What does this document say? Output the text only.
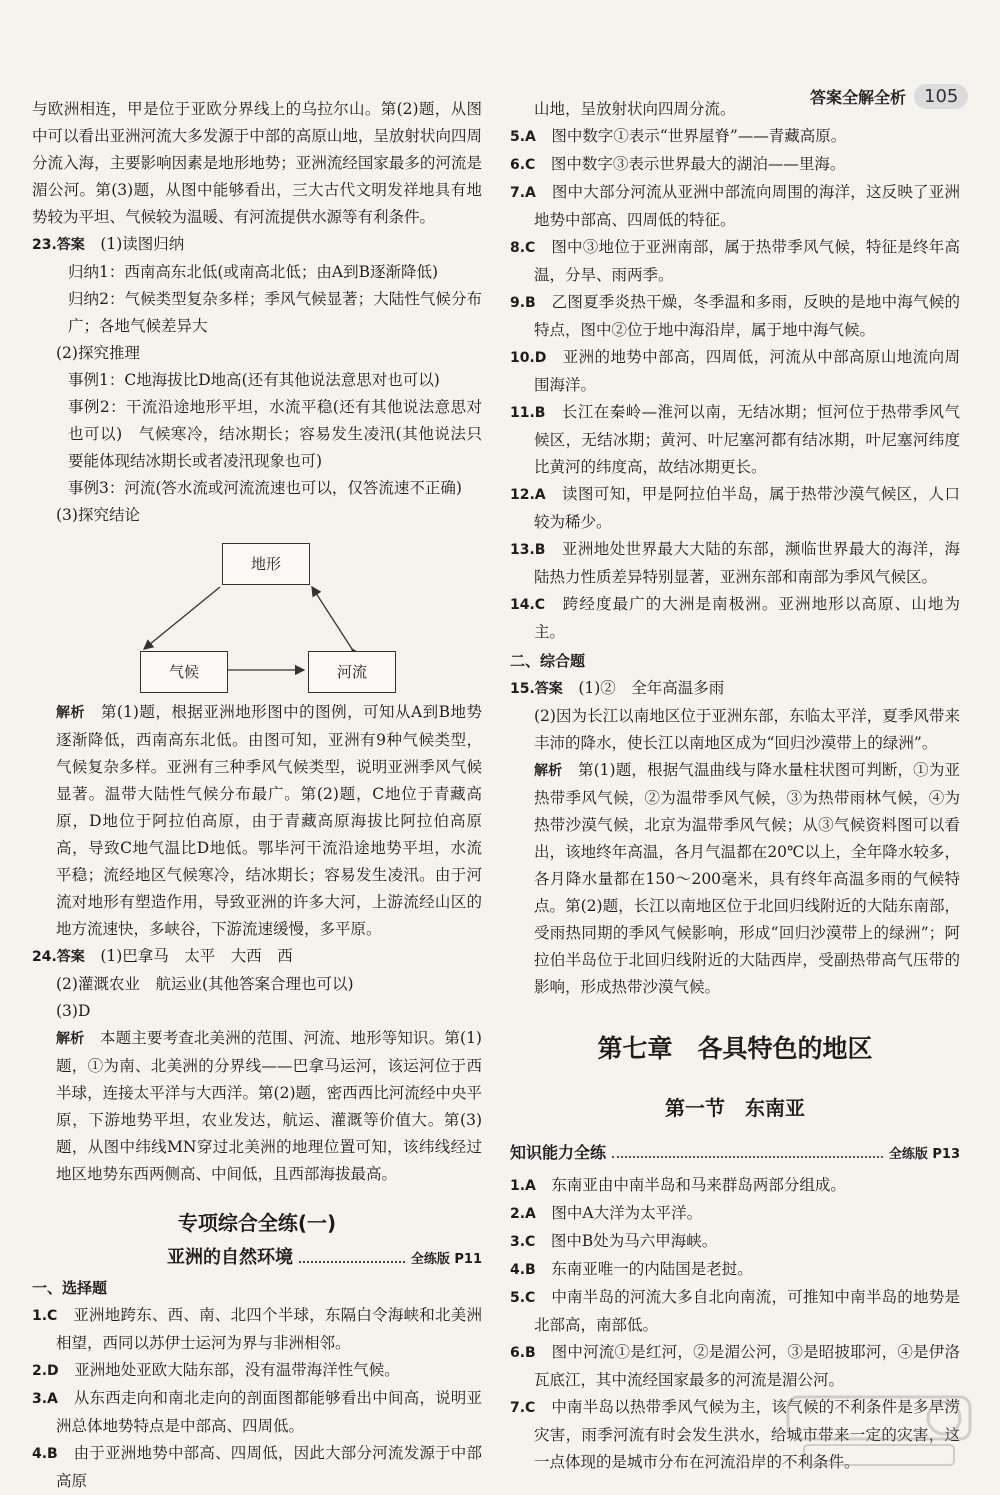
答案全解全析	105

与欧洲相连，甲是位于亚欧分界线上的乌拉尔山。第(2)题，从图中可以看出亚洲河流大多发源于中部的高原山地，呈放射状向四周分流入海，主要影响因素是地形地势；亚洲流经国家最多的河流是湄公河。第(3)题，从图中能够看出，三大古代文明发祥地具有地势较为平坦、气候较为温暖、有河流提供水源等有利条件。

23.答案　 (1)读图归纳

归纳1：西南高东北低(或南高北低；由A到B逐渐降低)

归纳2：气候类型复杂多样；季风气候显著；大陆性气候分布广；各地气候差异大

(2)探究推理

事例1：C地海拔比D地高(还有其他说法意思对也可以)

事例2：干流沿途地形平坦，水流平稳(还有其他说法意思对也可以)　气候寒冷，结冰期长；容易发生凌汛(其他说法只要能体现结冰期长或者凌汛现象也可)

事例3：河流(答水流或河流流速也可以，仅答流速不正确)

(3)探究结论

地形
气候	河流

解析　 第(1)题，根据亚洲地形图中的图例，可知从A到B地势逐渐降低，西南高东北低。由图可知，亚洲有9种气候类型，气候复杂多样。亚洲有三种季风气候类型，说明亚洲季风气候显著。温带大陆性气候分布最广。第(2)题，C地位于青藏高原，D地位于阿拉伯高原，由于青藏高原海拔比阿拉伯高原高，导致C地气温比D地低。鄂毕河干流沿途地势平坦，水流平稳；流经地区气候寒冷，结冰期长；容易发生凌汛。由于河流对地形有塑造作用，导致亚洲的许多大河，上游流经山区的地方流速快，多峡谷，下游流速缓慢，多平原。

24.答案　 (1)巴拿马　太平　大西　西

(2)灌溉农业　航运业(其他答案合理也可以)

(3)D

解析　 本题主要考查北美洲的范围、河流、地形等知识。第(1)题，①为南、北美洲的分界线——巴拿马运河，该运河位于西半球，连接太平洋与大西洋。第(2)题，密西西比河流经中央平原，下游地势平坦，农业发达，航运、灌溉等价值大。第(3)题，从图中纬线MN穿过北美洲的地理位置可知，该纬线经过地区地势东西两侧高、中间低，且西部海拔最高。

专项综合全练(一)
亚洲的自然环境	全练版 P11

一、选择题

1.C　 亚洲地跨东、西、南、北四个半球，东隔白令海峡和北美洲相望，西同以苏伊士运河为界与非洲相邻。

2.D　 亚洲地处亚欧大陆东部，没有温带海洋性气候。

3.A　 从东西走向和南北走向的剖面图都能够看出中间高，说明亚洲总体地势特点是中部高、四周低。

4.B　 由于亚洲地势中部高、四周低，因此大部分河流发源于中部高原

山地，呈放射状向四周分流。

5.A　 图中数字①表示“世界屋脊”——青藏高原。

6.C　 图中数字③表示世界最大的湖泊——里海。

7.A　 图中大部分河流从亚洲中部流向周围的海洋，这反映了亚洲地势中部高、四周低的特征。

8.C　 图中③地位于亚洲南部，属于热带季风气候，特征是终年高温，分旱、雨两季。

9.B　 乙图夏季炎热干燥，冬季温和多雨，反映的是地中海气候的特点，图中②位于地中海沿岸，属于地中海气候。

10.D　 亚洲的地势中部高，四周低，河流从中部高原山地流向周围海洋。

11.B　 长江在秦岭—淮河以南，无结冰期；恒河位于热带季风气候区，无结冰期；黄河、叶尼塞河都有结冰期，叶尼塞河纬度比黄河的纬度高，故结冰期更长。

12.A　 读图可知，甲是阿拉伯半岛，属于热带沙漠气候区，人口较为稀少。

13.B　 亚洲地处世界最大大陆的东部，濒临世界最大的海洋，海陆热力性质差异特别显著，亚洲东部和南部为季风气候区。

14.C　 跨经度最广的大洲是南极洲。亚洲地形以高原、山地为主。

二、综合题

15.答案　 (1)②　全年高温多雨

(2)因为长江以南地区位于亚洲东部，东临太平洋，夏季风带来丰沛的降水，使长江以南地区成为“回归沙漠带上的绿洲”。

解析　 第(1)题，根据气温曲线与降水量柱状图可判断，①为亚热带季风气候，②为温带季风气候，③为热带雨林气候，④为热带沙漠气候，北京为温带季风气候；从③气候资料图可以看出，该地终年高温，各月气温都在20℃以上，全年降水较多，各月降水量都在150～200毫米，具有终年高温多雨的气候特点。第(2)题，长江以南地区位于北回归线附近的大陆东南部，受雨热同期的季风气候影响，形成“回归沙漠带上的绿洲”；阿拉伯半岛位于北回归线附近的大陆西岸，受副热带高气压带的影响，形成热带沙漠气候。

第七章　各具特色的地区
第一节　东南亚
知识能力全练	全练版 P13

1.A　 东南亚由中南半岛和马来群岛两部分组成。

2.A　 图中A大洋为太平洋。

3.C　 图中B处为马六甲海峡。

4.B　 东南亚唯一的内陆国是老挝。

5.C　 中南半岛的河流大多自北向南流，可推知中南半岛的地势是北部高，南部低。

6.B　 图中河流①是红河，②是湄公河，③是昭披耶河，④是伊洛瓦底江，其中流经国家最多的河流是湄公河。

7.C　 中南半岛以热带季风气候为主，该气候的不利条件是多旱涝灾害，雨季河流有时会发生洪水，给城市带来一定的灾害，这一点体现的是城市分布在河流沿岸的不利条件。
